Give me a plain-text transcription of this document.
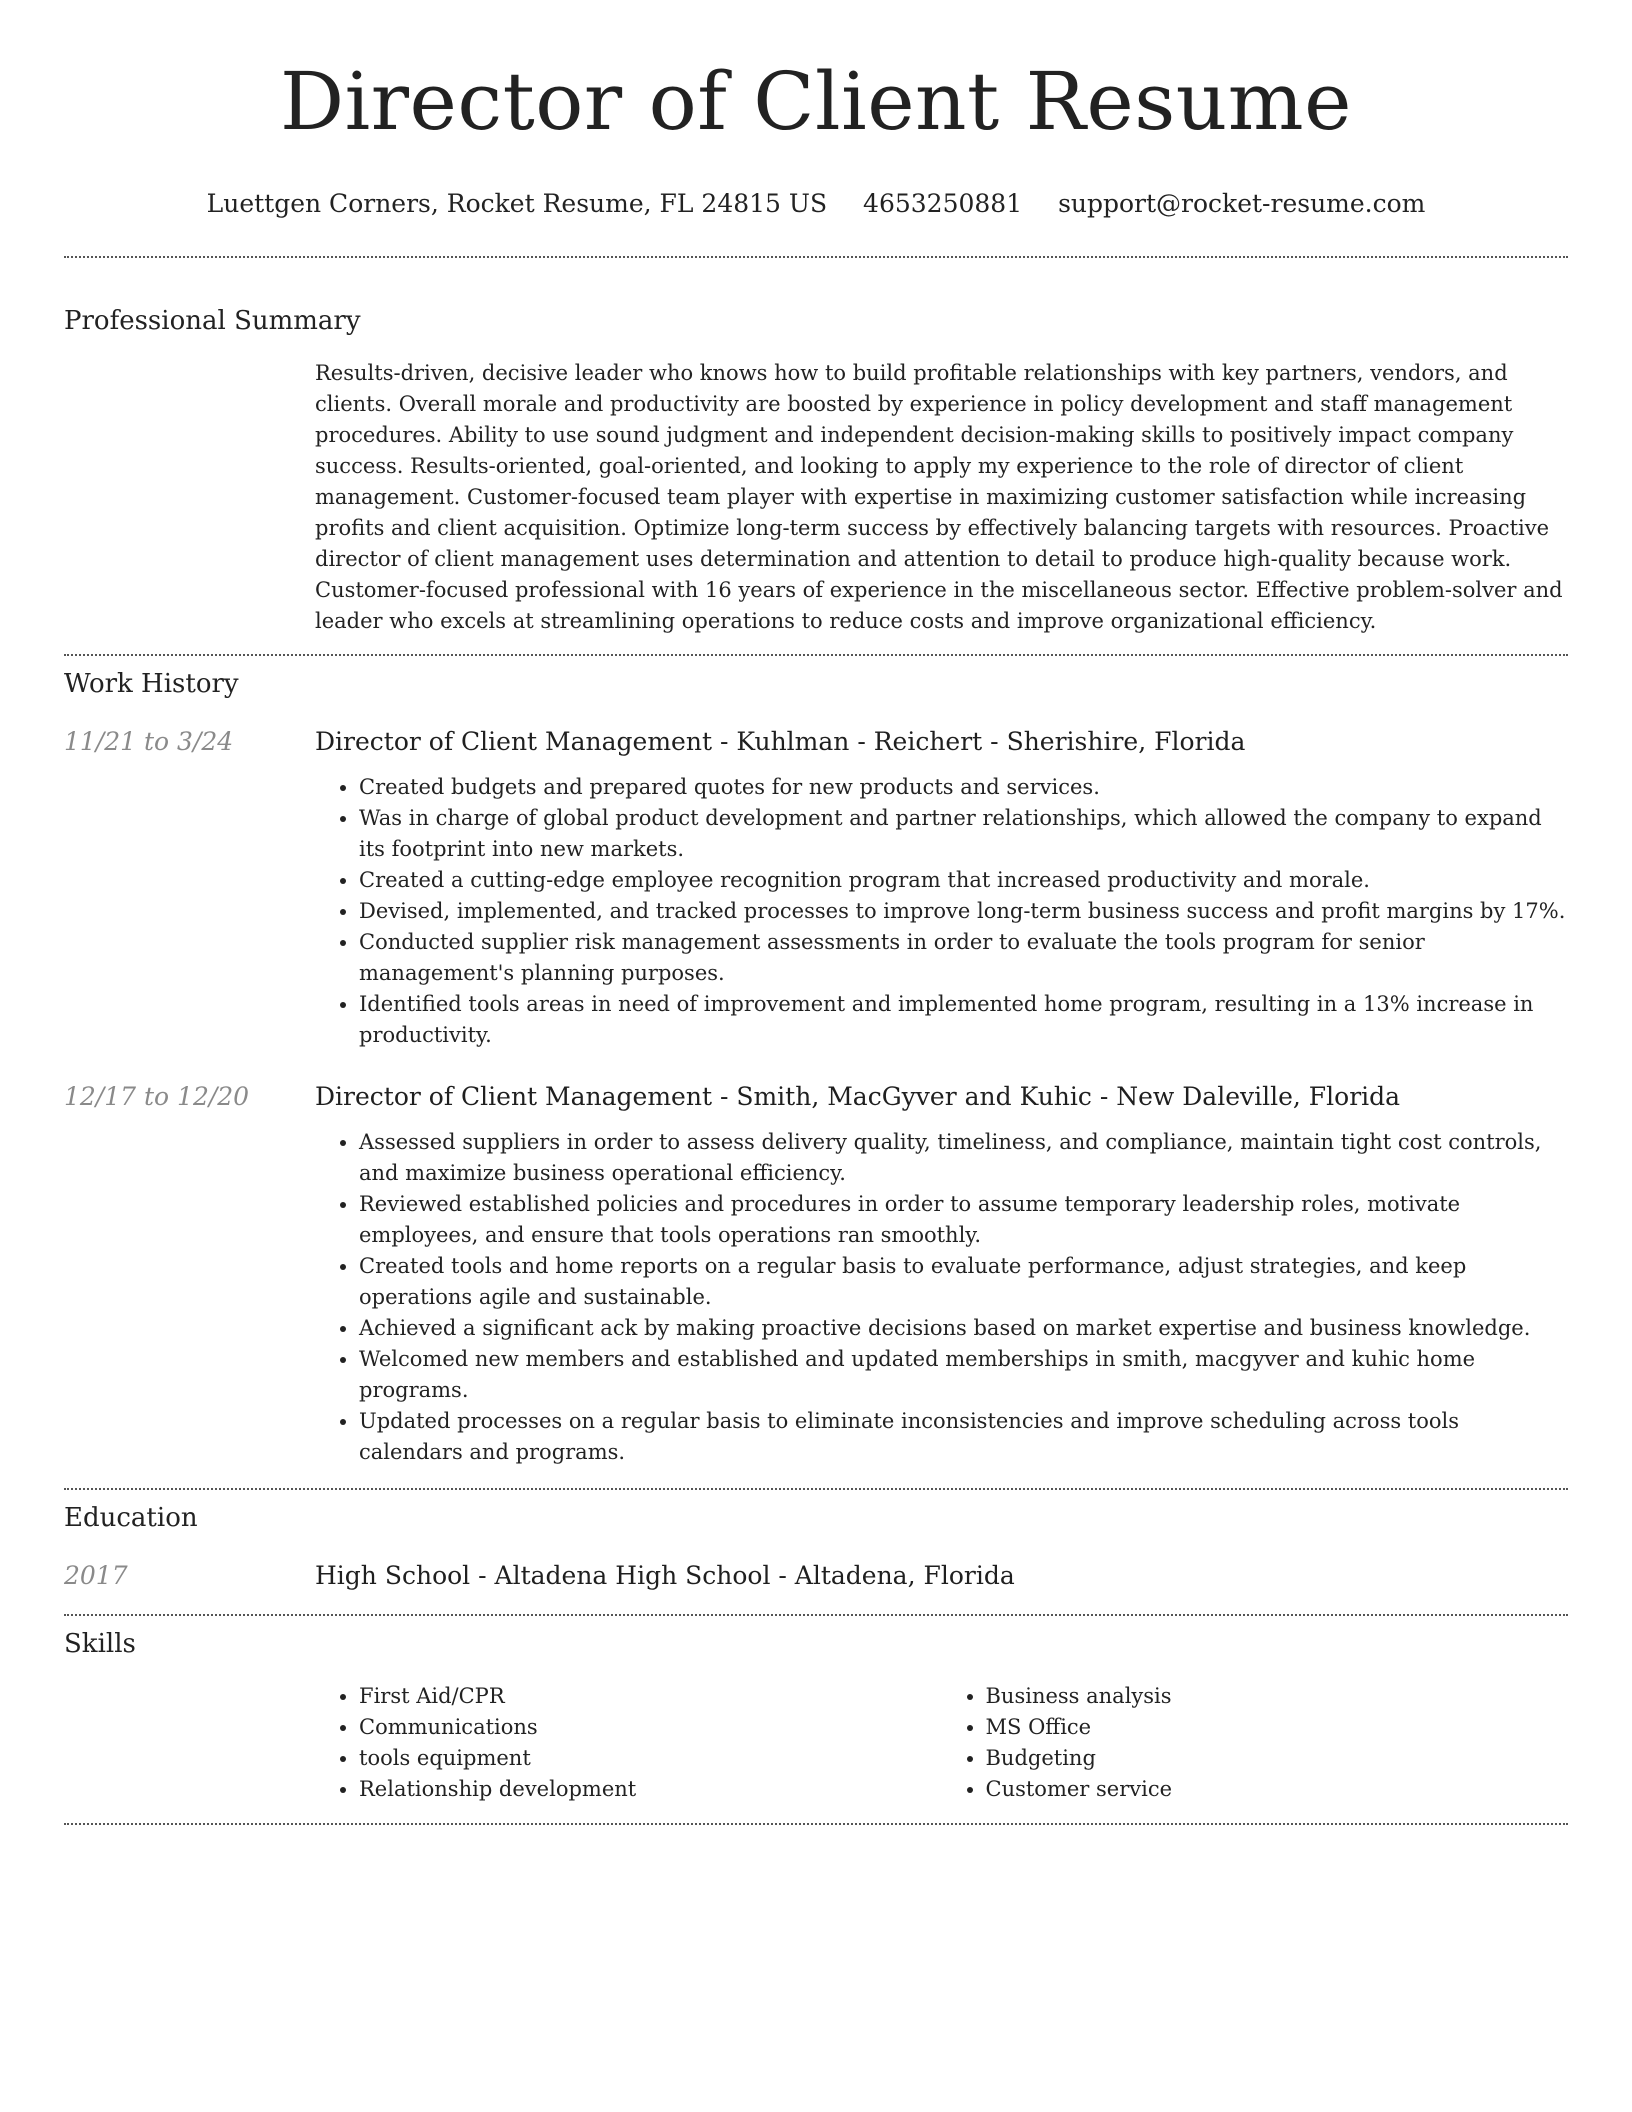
Director of Client Resume
Luettgen Corners, Rocket Resume, FL 24815 US 4653250881 support@rocket-resume.com
Professional Summary

Results-driven, decisive leader who knows how to build profitable relationships with key partners, vendors, and clients. Overall morale and productivity are boosted by experience in policy development and staff management procedures. Ability to use sound judgment and independent decision-making skills to positively impact company success. Results-oriented, goal-oriented, and looking to apply my experience to the role of director of client management. Customer-focused team player with expertise in maximizing customer satisfaction while increasing profits and client acquisition. Optimize long-term success by effectively balancing targets with resources. Proactive director of client management uses determination and attention to detail to produce high-quality because work. Customer-focused professional with 16 years of experience in the miscellaneous sector. Effective problem-solver and leader who excels at streamlining operations to reduce costs and improve organizational efficiency.

Work History
11/21 to 3/24	Director of Client Management - Kuhlman - Reichert - Sherishire, Florida
• Created budgets and prepared quotes for new products and services.
• Was in charge of global product development and partner relationships, which allowed the company to expand its footprint into new markets.
• Created a cutting-edge employee recognition program that increased productivity and morale.
• Devised, implemented, and tracked processes to improve long-term business success and profit margins by 17%.
• Conducted supplier risk management assessments in order to evaluate the tools program for senior management's planning purposes.
• Identified tools areas in need of improvement and implemented home program, resulting in a 13% increase in productivity.
12/17 to 12/20	Director of Client Management - Smith, MacGyver and Kuhic - New Daleville, Florida
• Assessed suppliers in order to assess delivery quality, timeliness, and compliance, maintain tight cost controls, and maximize business operational efficiency.
• Reviewed established policies and procedures in order to assume temporary leadership roles, motivate employees, and ensure that tools operations ran smoothly.
• Created tools and home reports on a regular basis to evaluate performance, adjust strategies, and keep operations agile and sustainable.
• Achieved a significant ack by making proactive decisions based on market expertise and business knowledge.
• Welcomed new members and established and updated memberships in smith, macgyver and kuhic home programs.
• Updated processes on a regular basis to eliminate inconsistencies and improve scheduling across tools calendars and programs.
Education
2017	High School - Altadena High School - Altadena, Florida
Skills
• First Aid/CPR
• Communications
• tools equipment
• Relationship development
• Business analysis
• MS Office
• Budgeting
• Customer service
